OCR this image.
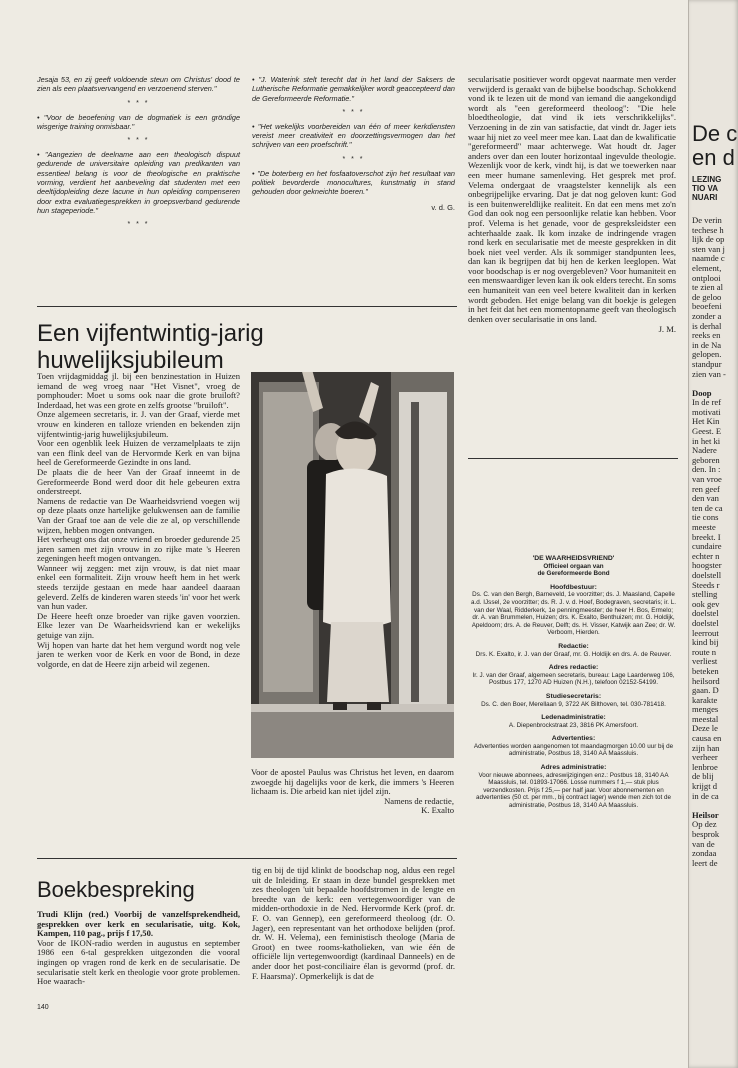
Jesaja 53, en zij geeft voldoende steun om Christus' dood te zien als een plaatsvervangend en verzoenend sterven."

* * *

• "Voor de beoefening van de dogmatiek is een gröndige wisgerige training onmisbaar."

* * *

• "Aangezien de deelname aan een theologisch dispuut gedurende de universitaire opleiding van predikanten van essentieel belang is voor de theologische en praktische vorming, verdient het aanbeveling dat studenten met een deeltijdopleiding deze lacune in hun opleiding compenseren door extra evaluatiegesprekken in groepsverband gedurende hun stageperiode."

* * *

• "J. Waterink stelt terecht dat in het land der Saksers de Lutherische Reformatie gemakkelijker wordt geaccepteerd dan de Gereformeerde Reformatie."

* * *

• "Het wekelijks voorbereiden van één of meer kerkdiensten vereist meer creativiteit en doorzettingsvermogen dan het schrijven van een proefschrift."

* * *

• "De boterberg en het fosfaatoverschot zijn het resultaat van politiek bevorderde monocultures, kunstmatig in stand gehouden door gekneichte boeren."

v. d. G.

secularisatie positiever wordt opgevat naarmate men verder verwijderd is geraakt van de bijbelse boodschap. Schokkend vond ik te lezen uit de mond van iemand die aangekondigd wordt als "een gereformeerd theoloog": "Die hele bloedtheologie, dat vind ik iets verschrikkelijks". Verzoening in de zin van satisfactie, dat vindt dr. Jager iets waar hij niet zo veel meer mee kan. Laat dan de kwalificatie "gereformeerd" maar achterwege. Wat houdt dr. Jager anders over dan een louter horizontaal ingevulde theologie. Wezenlijk voor de kerk, vindt hij, is dat we toewerken naar een meer humane samenleving. Het gesprek met prof. Velema ondergaat de vraagstelster kennelijk als een onbegrijpelijke ervaring. Dat je dat nog geloven kunt: God is een buitenwereldlijke realiteit. En dat een mens met zo'n God dan ook nog een persoonlijke relatie kan hebben. Voor prof. Velema is het genade, voor de gespreksleidster een achterhaalde zaak. Ik kom inzake de indringende vragen rond kerk en secularisatie met de meeste gesprekken in dit boek niet veel verder. Als ik sommiger standpunten lees, dan kan ik begrijpen dat bij hen de kerken leeglopen. Wat voor boodschap is er nog overgebleven? Voor humaniteit en een menswaardiger leven kan ik ook elders terecht. En soms een humaniteit van een veel betere kwaliteit dan in kerken wordt geboden. Het enige belang van dit boekje is gelegen in het feit dat het een momentopname geeft van theologisch denken over secularisatie in ons land.

J. M.

Een vijfentwintig-jarig huwelijksjubileum

Toen vrijdagmiddag jl. bij een benzinestation in Huizen iemand de weg vroeg naar "Het Visnet", vroeg de pomphouder: Moet u soms ook naar die grote bruiloft? Inderdaad, het was een grote en zelfs grootse "bruiloft".

Onze algemeen secretaris, ir. J. van der Graaf, vierde met vrouw en kinderen en talloze vrienden en bekenden zijn vijfentwintig-jarig huwelijksjubileum.

Voor een ogenblik leek Huizen de verzamelplaats te zijn van een flink deel van de Hervormde Kerk en van bijna heel de Gereformeerde Gezindte in ons land.

De plaats die de heer Van der Graaf inneemt in de Gereformeerde Bond werd door dit hele gebeuren extra onderstreept.

Namens de redactie van De Waarheidsvriend voegen wij op deze plaats onze hartelijke gelukwensen aan de familie Van der Graaf toe aan de vele die ze al, op verschillende wijzen, hebben mogen ontvangen.

Het verheugt ons dat onze vriend en broeder gedurende 25 jaren samen met zijn vrouw in zo rijke mate 's Heeren zegeningen heeft mogen ontvangen.

Wanneer wij zeggen: met zijn vrouw, is dat niet maar enkel een formaliteit. Zijn vrouw heeft hem in het werk steeds terzijde gestaan en mede haar aandeel daaraan geleverd. Zelfs de kinderen waren steeds 'in' voor het werk van hun vader.

De Heere heeft onze broeder van rijke gaven voorzien. Elke lezer van De Waarheidsvriend kan er wekelijks getuige van zijn.

Wij hopen van harte dat het hem vergund wordt nog vele jaren te werken voor de Kerk en voor de Bond, in deze volgorde, en dat de Heere zijn arbeid wil zegenen.

Voor de apostel Paulus was Christus het leven, en daarom zwoegde hij dagelijks voor de kerk, die immers 's Heeren lichaam is. Die arbeid kan niet ijdel zijn.
Namens de redactie,
K. Exalto
Boekbespreking

Trudi Klijn (red.) Voorbij de vanzelfsprekendheid, gesprekken over kerk en secularisatie, uitg. Kok, Kampen, 110 pag., prijs f 17,50.

Voor de IKON-radio werden in augustus en september 1986 een 6-tal gesprekken uitgezonden die vooral ingingen op vragen rond de kerk en de secularisatie. De secularisatie stelt kerk en theologie voor grote problemen. Hoe waarach-

tig en bij de tijd klinkt de boodschap nog, aldus een regel uit de Inleiding. Er staan in deze bundel gesprekken met zes theologen 'uit bepaalde hoofdstromen in de lengte en breedte van de kerk: een vertegenwoordiger van de midden-orthodoxie in de Ned. Hervormde Kerk (prof. dr. F. O. van Gennep), een gereformeerd theoloog (dr. O. Jager), een representant van het orthodoxe belijden (prof. dr. W. H. Velema), een feministisch theologe (Maria de Groot) en twee rooms-katholieken, van wie één de officiële lijn vertegenwoordigt (kardinaal Danneels) en de ander door het post-conciliaire élan is gevormd (prof. dr. F. Haarsma)'. Opmerkelijk is dat de

'DE WAARHEIDSVRIEND'

Officieel orgaan van

de Gereformeerde Bond

Hoofdbestuur:

Ds. C. van den Bergh, Barneveld, 1e voorzitter; ds. J. Maasland, Capelle a.d. IJssel, 2e voorzitter; ds. R. J. v. d. Hoef, Bodegraven, secretaris; ir. L. van der Waal, Ridderkerk, 1e penningmeester; de heer H. Bos, Ermelo; dr. A. van Brummelen, Huizen; drs. K. Exalto, Benthuizen; mr. G. Holdijk, Apeldoorn; drs. A. de Reuver, Delft; ds. H. Visser, Katwijk aan Zee; dr. W. Verboom, Hierden.

Redactie:

Drs. K. Exalto, ir. J. van der Graaf, mr. G. Holdijk en drs. A. de Reuver.

Adres redactie:

Ir. J. van der Graaf, algemeen secretaris, bureau: Lage Laarderweg 106, Postbus 177, 1270 AD Huizen (N.H.), telefoon 02152-54199.

Studiesecretaris:

Ds. C. den Boer, Merellaan 9, 3722 AK Bilthoven, tel. 030-781418.

Ledenadministratie:

A. Diepenbrockstraat 23, 3816 PK Amersfoort.

Advertenties:

Advertenties worden aangenomen tot maandagmorgen 10.00 uur bij de administratie, Postbus 18, 3140 AA Maassluis.

Adres administratie:

Voor nieuwe abonnees, adreswijzigingen enz.: Postbus 18, 3140 AA Maassluis, tel. 01893-17066. Losse nummers f 1,— stuk plus verzendkosten. Prijs f 25,— per half jaar. Voor abonnementen en advertenties (50 ct. per mm., bij contract lager) wende men zich tot de administratie, Postbus 18, 3140 AA Maassluis.

140
De c
en d
LEZING
TIO VA
NUARI
De verin
techese h
lijk de op
sten van j
naamde c
element,
ontplooi
te zien al
de geloo
beoefeni
zonder a
is derhal
reeks en
in de Na
gelopen.
standpur
zien van -
Doop
In de ref
motivati
Het Kin
Geest. E
in het ki
Nadere
geboren
den. In :
van vroe
ren geef
den van
ten de ca
tie cons
meeste
breekt. I
cundaire
echter n
hoogster
doelstell
Steeds r
stelling
ook gev
doelstel
doelstel
leerrout
kind bij
route n
verliest
beteken
heilsord
gaan. D
karakte
menges
meestal
Deze le
causa en
zijn han
verheer
lenbroe
de blij
krijgt d
in de ca
Heilsor
Op dez
besprok
van de
zondaa
leert de
